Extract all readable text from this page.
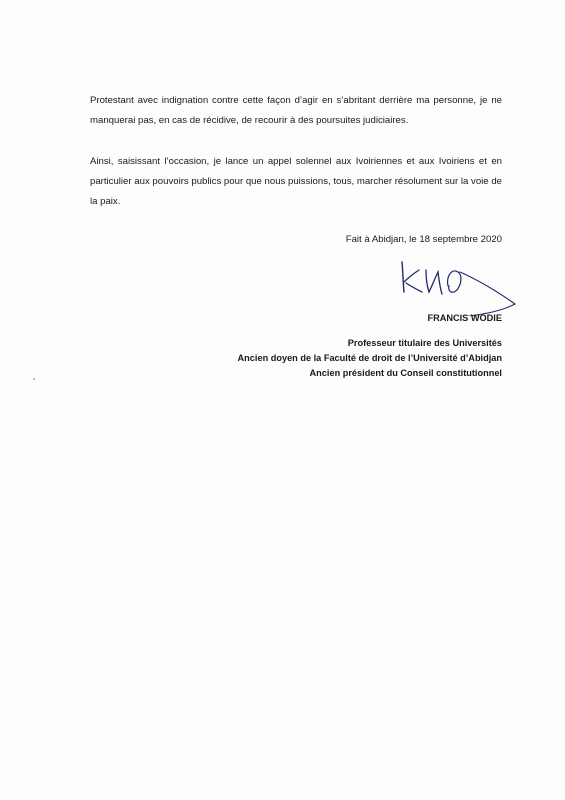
Protestant avec indignation contre cette façon d’agir en s’abritant derrière ma personne, je ne manquerai pas, en cas de récidive, de recourir à des poursuites judiciaires.

Ainsi, saisissant l’occasion, je lance un appel solennel aux Ivoiriennes et aux Ivoiriens et en particulier aux pouvoirs publics pour que nous puissions, tous, marcher résolument sur la voie de la paix.

Fait à Abidjan, le 18 septembre 2020

FRANCIS WODIE

Professeur titulaire des Universités
Ancien doyen de la Faculté de droit de l’Université d’Abidjan
Ancien président du Conseil constitutionnel
